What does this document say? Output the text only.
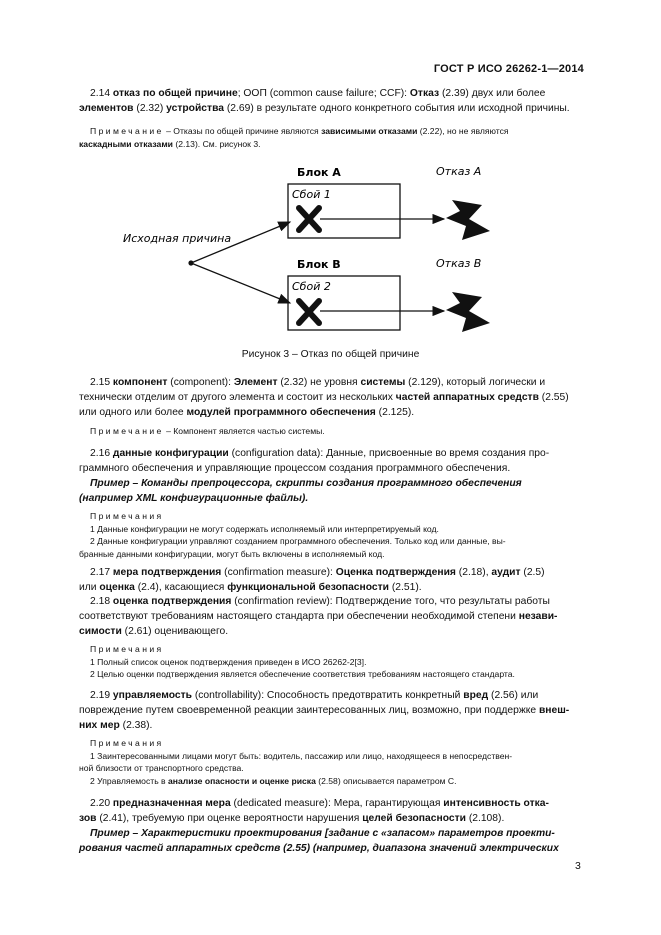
ГОСТ Р ИСО 26262-1—2014
2.14 отказ по общей причине; ООП (common cause failure; CCF): Отказ (2.39) двух или более
элементов (2.32) устройства (2.69) в результате одного конкретного события или исходной причины.
Примечание – Отказы по общей причине являются зависимыми отказами (2.22), но не являются
каскадными отказами (2.13). См. рисунок 3.
Блок А	Отказ А
Сбой 1
Исходная причина
Блок В	Отказ В
Сбой 2
Рисунок 3 – Отказ по общей причине
2.15 компонент (component): Элемент (2.32) не уровня системы (2.129), который логически и
технически отделим от другого элемента и состоит из нескольких частей аппаратных средств (2.55)
или одного или более модулей программного обеспечения (2.125).
Примечание – Компонент является частью системы.
2.16 данные конфигурации (configuration data): Данные, присвоенные во время создания про-
граммного обеспечения и управляющие процессом создания программного обеспечения.
Пример – Команды препроцессора, скрипты создания программного обеспечения
(например XML конфигурационные файлы).
Примечания
1 Данные конфигурации не могут содержать исполняемый или интерпретируемый код.
2 Данные конфигурации управляют созданием программного обеспечения. Только код или данные, вы-
бранные данными конфигурации, могут быть включены в исполняемый код.
2.17 мера подтверждения (confirmation measure): Оценка подтверждения (2.18), аудит (2.5)
или оценка (2.4), касающиеся функциональной безопасности (2.51).
2.18 оценка подтверждения (confirmation review): Подтверждение того, что результаты работы
соответствуют требованиям настоящего стандарта при обеспечении необходимой степени незави-
симости (2.61) оценивающего.
Примечания
1 Полный список оценок подтверждения приведен в ИСО 26262-2[3].
2 Целью оценки подтверждения является обеспечение соответствия требованиям настоящего стандарта.
2.19 управляемость (controllability): Способность предотвратить конкретный вред (2.56) или
повреждение путем своевременной реакции заинтересованных лиц, возможно, при поддержке внеш-
них мер (2.38).
Примечания
1 Заинтересованными лицами могут быть: водитель, пассажир или лицо, находящееся в непосредствен-
ной близости от транспортного средства.
2 Управляемость в анализе опасности и оценке риска (2.58) описывается параметром С.
2.20 предназначенная мера (dedicated measure): Мера, гарантирующая интенсивность отка-
зов (2.41), требуемую при оценке вероятности нарушения целей безопасности (2.108).
Пример – Характеристики проектирования [задание с «запасом» параметров проекти-
рования частей аппаратных средств (2.55) (например, диапазона значений электрических
3
